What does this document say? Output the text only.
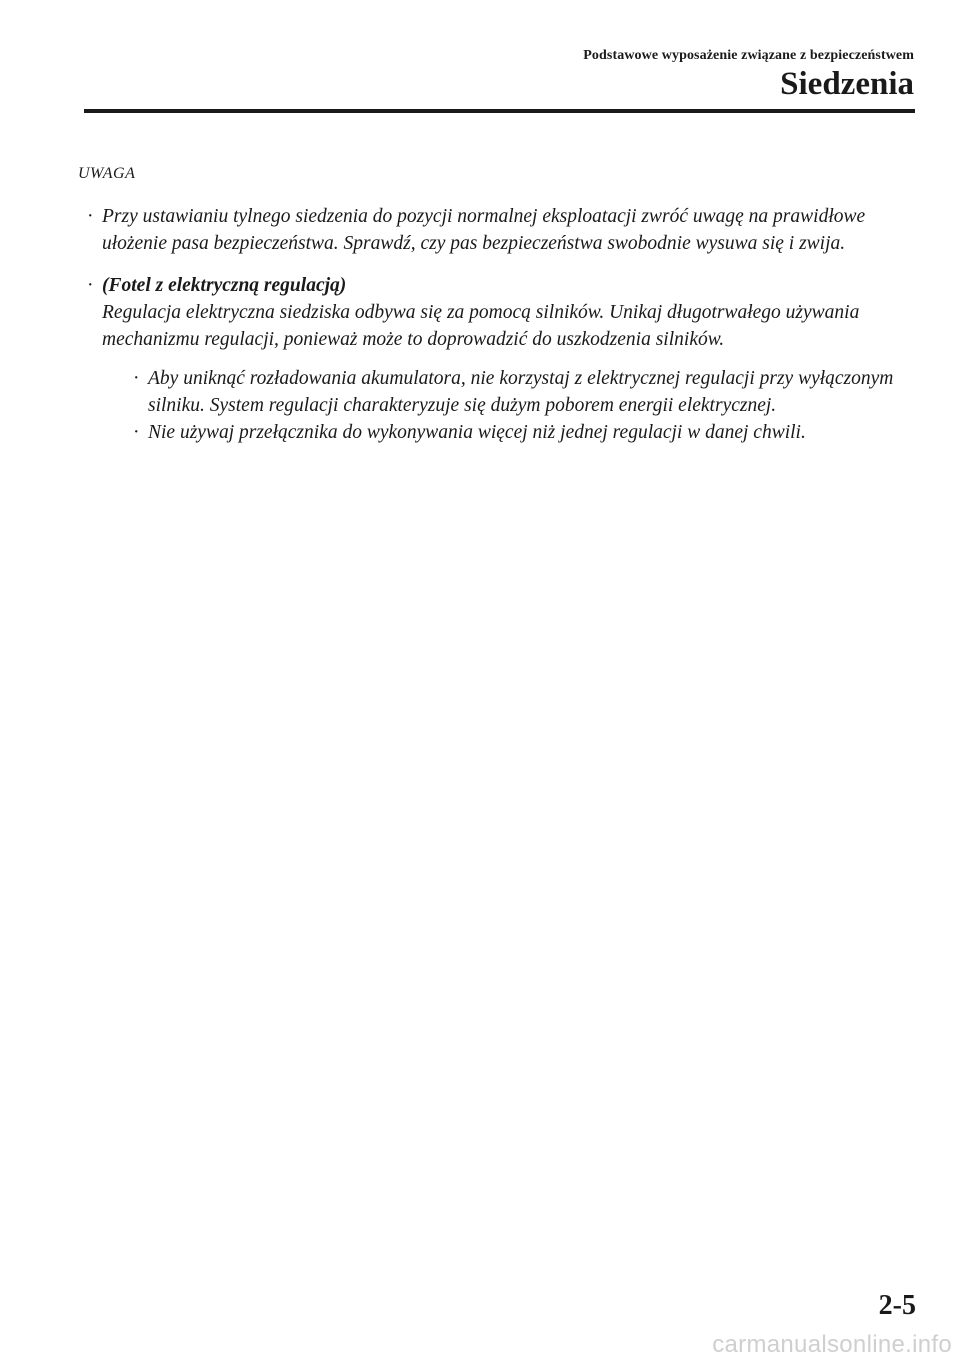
Podstawowe wyposażenie związane z bezpieczeństwem
Siedzenia
UWAGA
· Przy ustawianiu tylnego siedzenia do pozycji normalnej eksploatacji zwróć uwagę na prawidłowe ułożenie pasa bezpieczeństwa. Sprawdź, czy pas bezpieczeństwa swobodnie wysuwa się i zwija.
· (Fotel z elektryczną regulacją)
Regulacja elektryczna siedziska odbywa się za pomocą silników. Unikaj długotrwałego używania mechanizmu regulacji, ponieważ może to doprowadzić do uszkodzenia silników.
· Aby uniknąć rozładowania akumulatora, nie korzystaj z elektrycznej regulacji przy wyłączonym silniku. System regulacji charakteryzuje się dużym poborem energii elektrycznej.
· Nie używaj przełącznika do wykonywania więcej niż jednej regulacji w danej chwili.
2-5
carmanualsonline.info
